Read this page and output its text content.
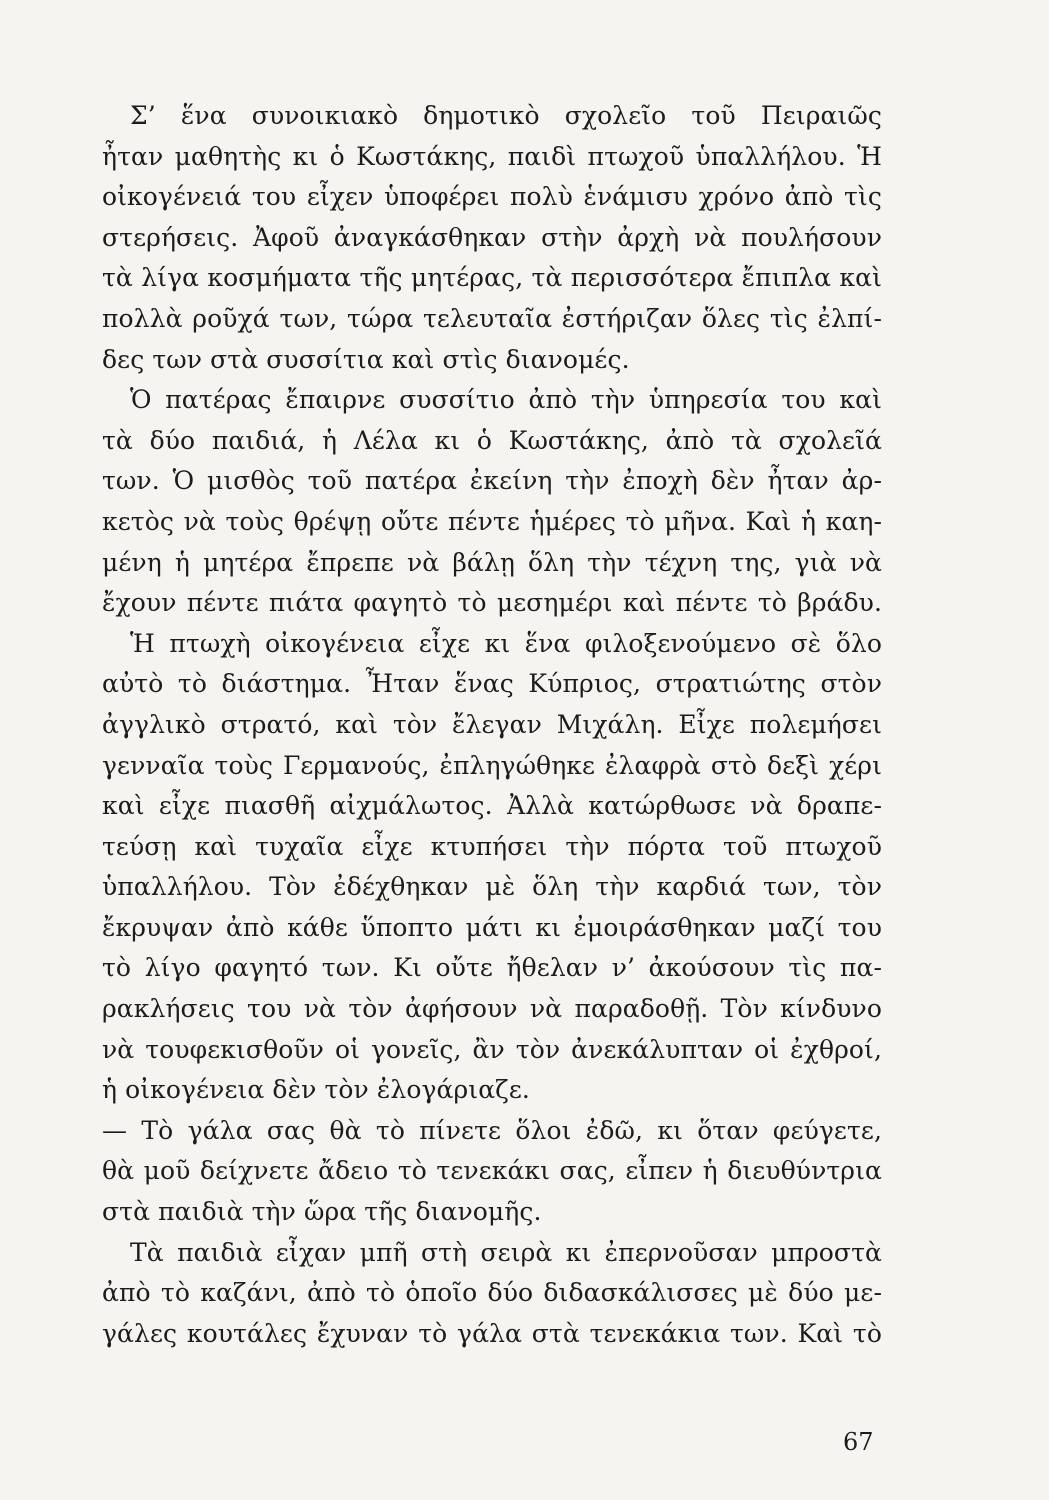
Σ’ ἕνα συνοικιακὸ δημοτικὸ σχολεῖο τοῦ Πειραιῶς
ἦταν μαθητὴς κι ὁ Κωστάκης, παιδὶ πτωχοῦ ὑπαλλήλου. Ἡ
οἰκογένειά του εἶχεν ὑποφέρει πολὺ ἑνάμισυ χρόνο ἀπὸ τὶς
στερήσεις. Ἀφοῦ ἀναγκάσθηκαν στὴν ἀρχὴ νὰ πουλήσουν
τὰ λίγα κοσμήματα τῆς μητέρας, τὰ περισσότερα ἔπιπλα καὶ
πολλὰ ροῦχά των, τώρα τελευταῖα ἐστήριζαν ὅλες τὶς ἐλπί-
δες των στὰ συσσίτια καὶ στὶς διανομές.
Ὁ πατέρας ἔπαιρνε συσσίτιο ἀπὸ τὴν ὑπηρεσία του καὶ
τὰ δύο παιδιά, ἡ Λέλα κι ὁ Κωστάκης, ἀπὸ τὰ σχολεῖά
των. Ὁ μισθὸς τοῦ πατέρα ἐκείνη τὴν ἐποχὴ δὲν ἦταν ἀρ-
κετὸς νὰ τοὺς θρέψῃ οὔτε πέντε ἡμέρες τὸ μῆνα. Καὶ ἡ καη-
μένη ἡ μητέρα ἔπρεπε νὰ βάλῃ ὅλη τὴν τέχνη της, γιὰ νὰ
ἔχουν πέντε πιάτα φαγητὸ τὸ μεσημέρι καὶ πέντε τὸ βράδυ.
Ἡ πτωχὴ οἰκογένεια εἶχε κι ἕνα φιλοξενούμενο σὲ ὅλο
αὐτὸ τὸ διάστημα. Ἦταν ἕνας Κύπριος, στρατιώτης στὸν
ἀγγλικὸ στρατό, καὶ τὸν ἔλεγαν Μιχάλη. Εἶχε πολεμήσει
γενναῖα τοὺς Γερμανούς, ἐπληγώθηκε ἐλαφρὰ στὸ δεξὶ χέρι
καὶ εἶχε πιασθῆ αἰχμάλωτος. Ἀλλὰ κατώρθωσε νὰ δραπε-
τεύσῃ καὶ τυχαῖα εἶχε κτυπήσει τὴν πόρτα τοῦ πτωχοῦ
ὑπαλλήλου. Τὸν ἐδέχθηκαν μὲ ὅλη τὴν καρδιά των, τὸν
ἔκρυψαν ἀπὸ κάθε ὕποπτο μάτι κι ἐμοιράσθηκαν μαζί του
τὸ λίγο φαγητό των. Κι οὔτε ἤθελαν ν’ ἀκούσουν τὶς πα-
ρακλήσεις του νὰ τὸν ἀφήσουν νὰ παραδοθῇ. Τὸν κίνδυνο
νὰ τουφεκισθοῦν οἱ γονεῖς, ἂν τὸν ἀνεκάλυπταν οἱ ἐχθροί,
ἡ οἰκογένεια δὲν τὸν ἐλογάριαζε.
— Τὸ γάλα σας θὰ τὸ πίνετε ὅλοι ἐδῶ, κι ὅταν φεύγετε,
θὰ μοῦ δείχνετε ἄδειο τὸ τενεκάκι σας, εἶπεν ἡ διευθύντρια
στὰ παιδιὰ τὴν ὥρα τῆς διανομῆς.
Τὰ παιδιὰ εἶχαν μπῆ στὴ σειρὰ κι ἐπερνοῦσαν μπροστὰ
ἀπὸ τὸ καζάνι, ἀπὸ τὸ ὁποῖο δύο διδασκάλισσες μὲ δύο με-
γάλες κουτάλες ἔχυναν τὸ γάλα στὰ τενεκάκια των. Καὶ τὸ
67
